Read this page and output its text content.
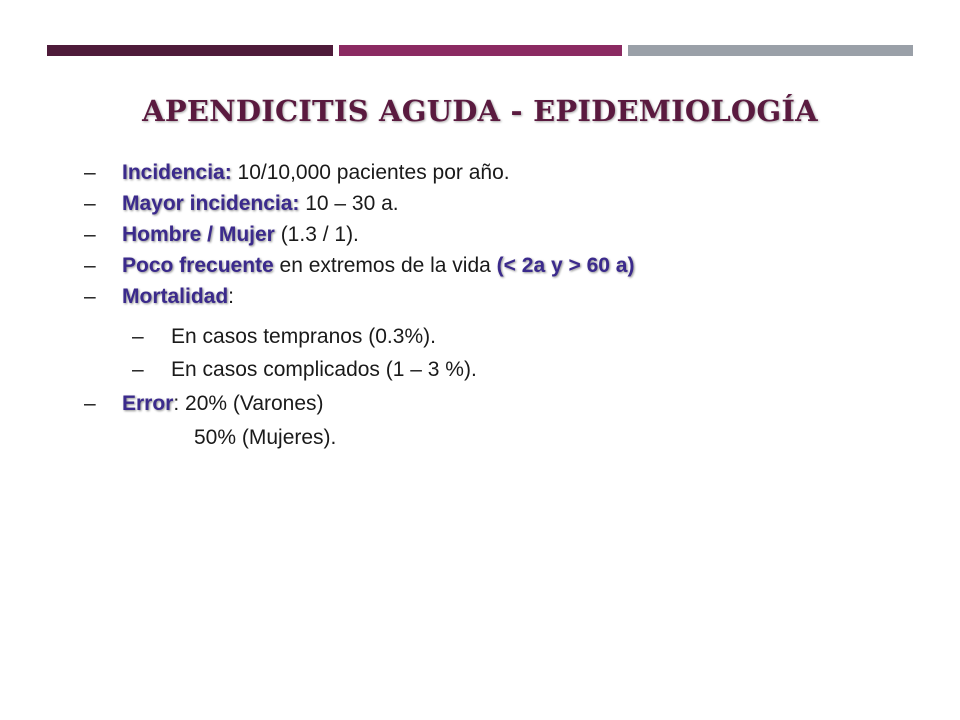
APENDICITIS AGUDA - EPIDEMIOLOGÍA
– Incidencia: 10/10,000 pacientes por año.
– Mayor incidencia: 10 – 30 a.
– Hombre / Mujer (1.3 / 1).
– Poco frecuente en extremos de la vida (< 2a y > 60 a)
– Mortalidad:
– En casos tempranos (0.3%).
– En casos complicados (1 – 3 %).
– Error: 20% (Varones)
50% (Mujeres).
